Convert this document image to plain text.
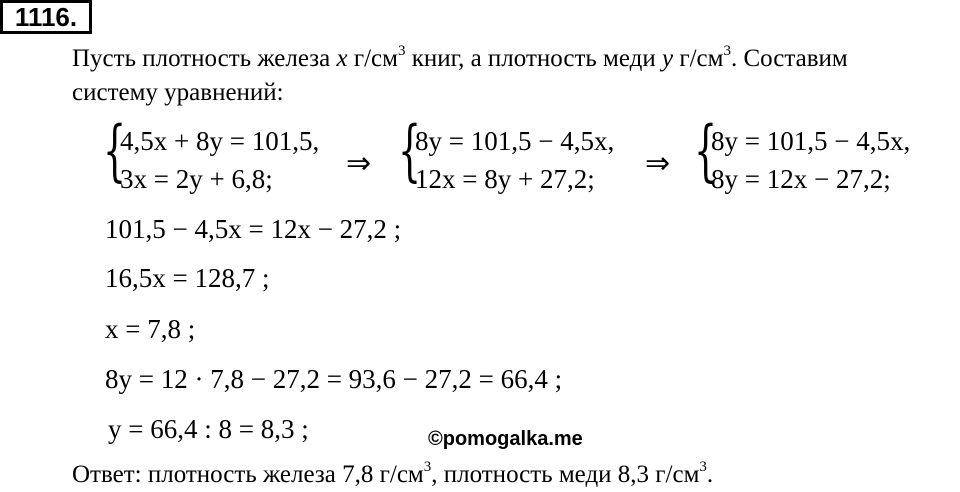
1116.
Пусть плотность железа x $г/см^3$ книг, а плотность меди y $г/см^3$. Составим
систему уравнений:
{
4,5x + 8y = 101,5,
3x = 2y + 6,8; ⇒ {
8y = 101,5 − 4,5x,
12x = 8y + 27,2; ⇒ {
8y = 101,5 − 4,5x,
8y = 12x − 27,2;
101,5 − 4,5x = 12x − 27,2 ;
16,5x = 128,7 ;
x = 7,8 ;
8y = 12 · 7,8 − 27,2 = 93,6 − 27,2 = 66,4 ;
y = 66,4 : 8 = 8,3 ;	©pomogalka.me
Ответ: плотность железа 7,8 $г/см^3$, плотность меди 8,3 $г/см^3$.
